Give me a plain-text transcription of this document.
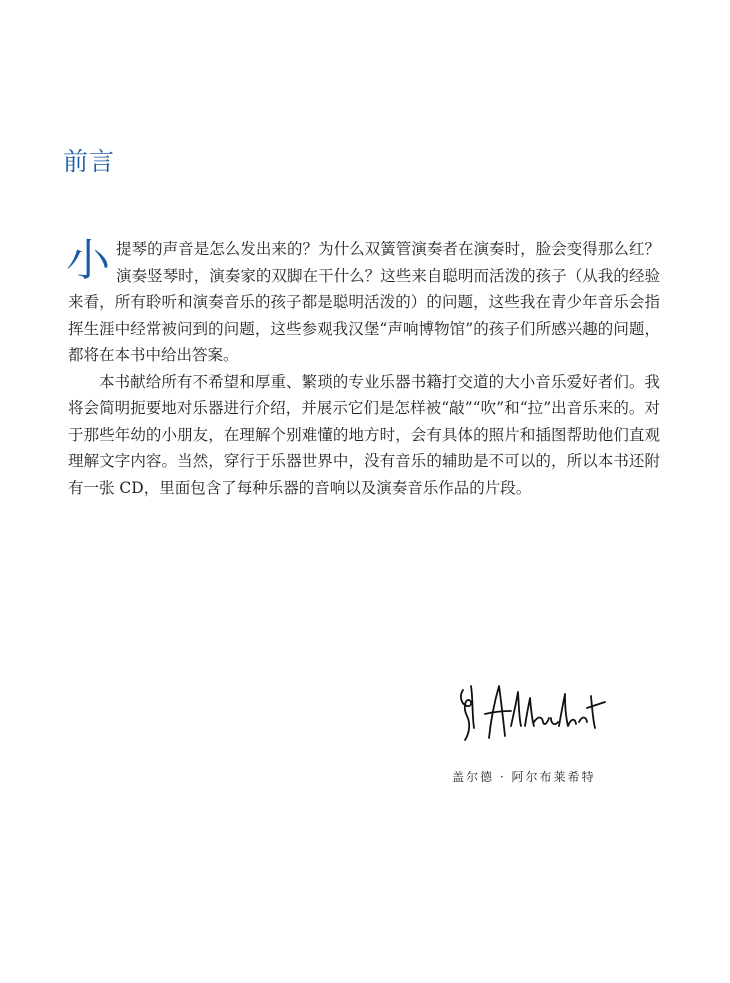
前言

小提琴的声音是怎么发出来的？为什么双簧管演奏者在演奏时，脸会变得那么红？演奏竖琴时，演奏家的双脚在干什么？这些来自聪明而活泼的孩子（从我的经验来看，所有聆听和演奏音乐的孩子都是聪明活泼的）的问题，这些我在青少年音乐会指挥生涯中经常被问到的问题，这些参观我汉堡“声响博物馆”的孩子们所感兴趣的问题，都将在本书中给出答案。

本书献给所有不希望和厚重、繁琐的专业乐器书籍打交道的大小音乐爱好者们。我将会简明扼要地对乐器进行介绍，并展示它们是怎样被“敲”“吹”和“拉”出音乐来的。对于那些年幼的小朋友，在理解个别难懂的地方时，会有具体的照片和插图帮助他们直观理解文字内容。当然，穿行于乐器世界中，没有音乐的辅助是不可以的，所以本书还附有一张 CD，里面包含了每种乐器的音响以及演奏音乐作品的片段。

盖尔德 · 阿尔布莱希特
